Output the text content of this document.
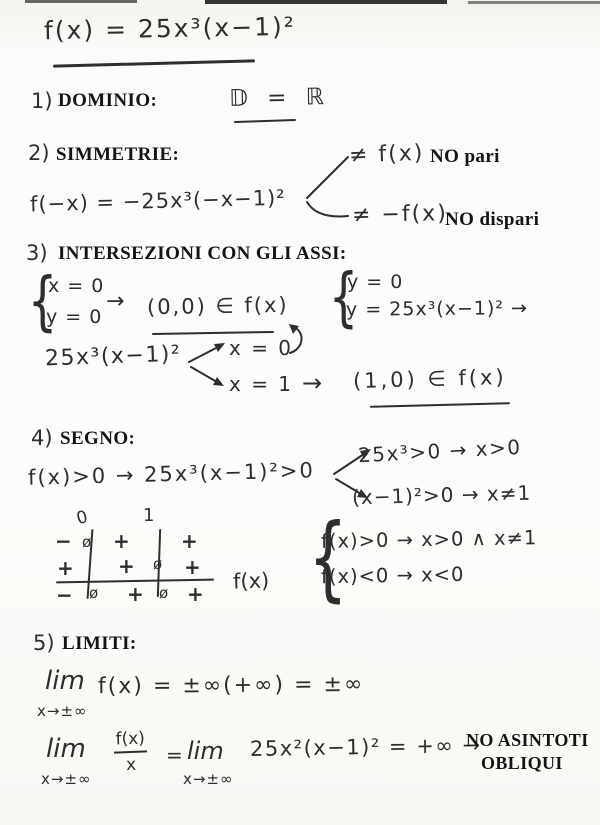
f(x) = 25x³(x−1)²
1) DOMINIO:	𝔻 = ℝ
2) SIMMETRIE:
f(−x) = −25x³(−x−1)²
≠ f(x) NO pari
≠ −f(x)
NO dispari
3) INTERSEZIONI CON GLI ASSI:
{
x = 0
y = 0
→ (0,0) ∈ f(x) {
y = 0
y = 25x³(x−1)² →
25x³(x−1)² x = 0
x = 1 → (1,0) ∈ f(x)
4) SEGNO:
f(x)>0 → 25x³(x−1)²>0
25x³>0 → x>0
(x−1)²>0 → x≠1
0	1
− ø +	+
+ + ø +
− ø + ø +
f(x) {
f(x)>0 → x>0 ∧ x≠1
f(x)<0 → x<0
5) LIMITI:
lim
x→±∞
f(x) = ±∞(+∞) = ±∞
lim
x→±∞
$\frac{f(x)}{x} = \lim$
x→±∞
25x²(x−1)² = +∞ →
NO ASINTOTI
OBLIQUI
